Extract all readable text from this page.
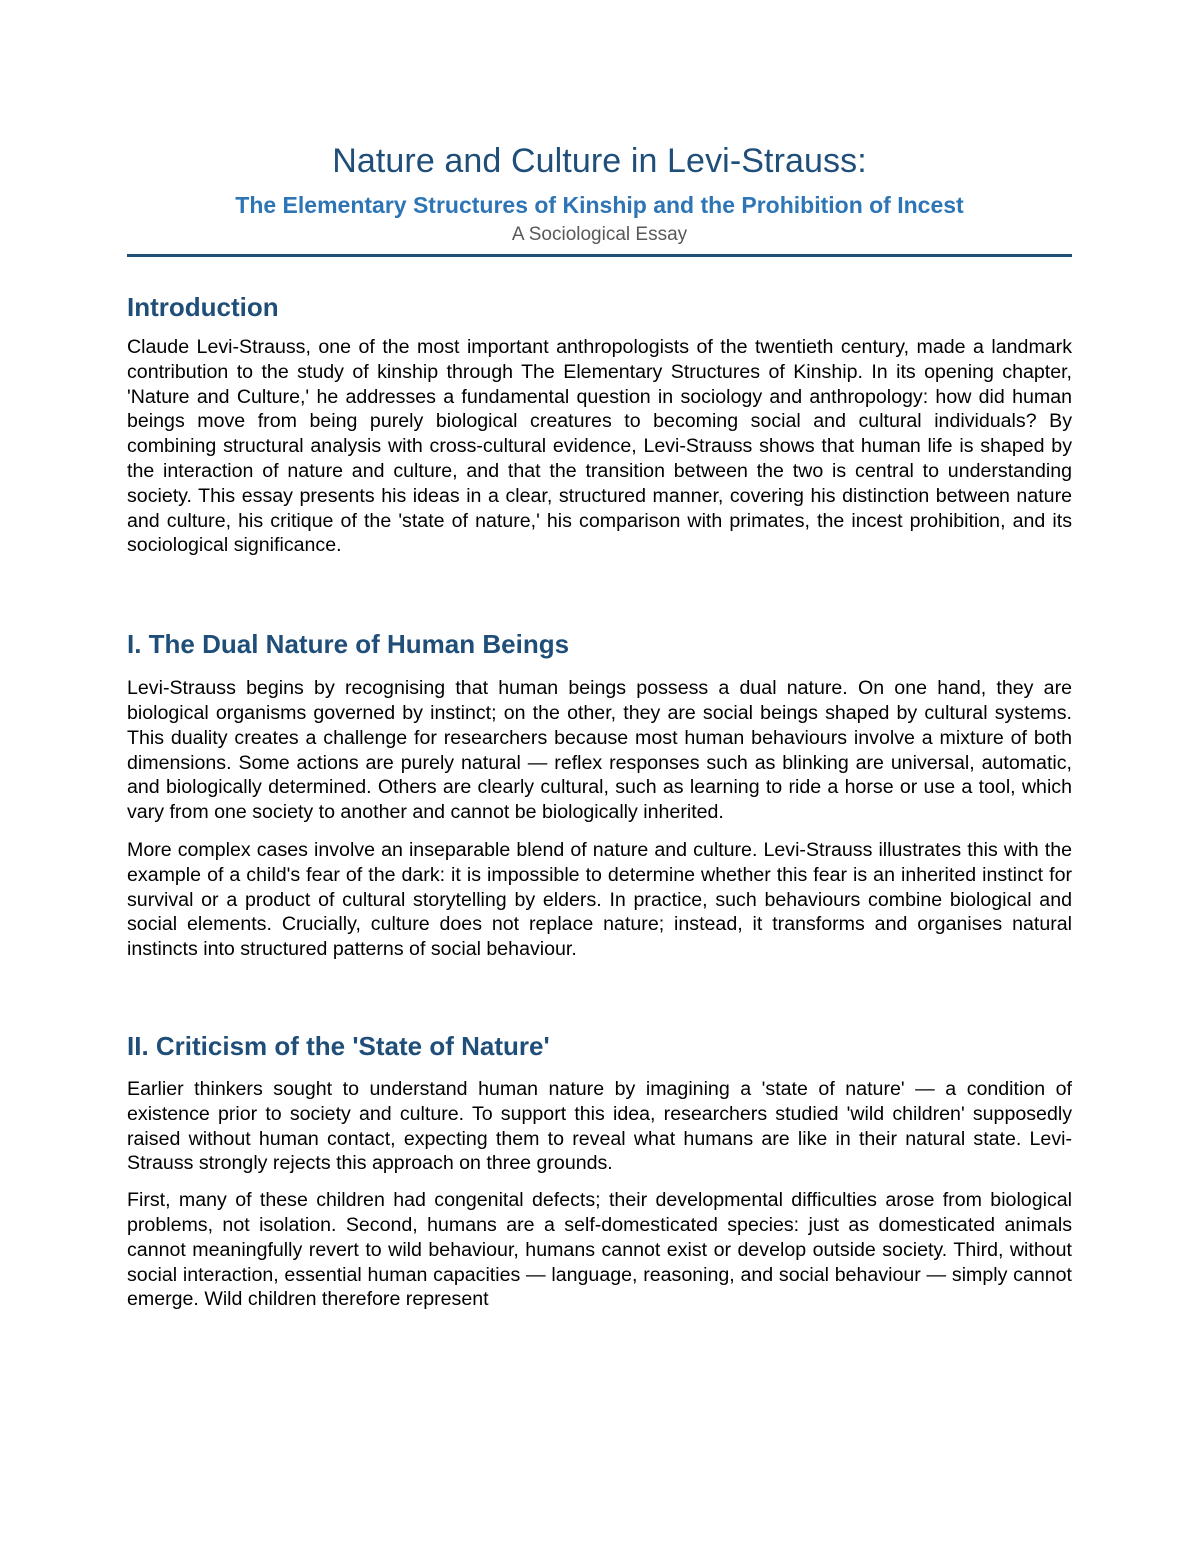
Nature and Culture in Levi-Strauss:
The Elementary Structures of Kinship and the Prohibition of Incest
A Sociological Essay
Introduction

Claude Levi-Strauss, one of the most important anthropologists of the twentieth century, made a landmark contribution to the study of kinship through The Elementary Structures of Kinship. In its opening chapter, 'Nature and Culture,' he addresses a fundamental question in sociology and anthropology: how did human beings move from being purely biological creatures to becoming social and cultural individuals? By combining structural analysis with cross-cultural evidence, Levi-Strauss shows that human life is shaped by the interaction of nature and culture, and that the transition between the two is central to understanding society. This essay presents his ideas in a clear, structured manner, covering his distinction between nature and culture, his critique of the 'state of nature,' his comparison with primates, the incest prohibition, and its sociological significance.

I. The Dual Nature of Human Beings

Levi-Strauss begins by recognising that human beings possess a dual nature. On one hand, they are biological organisms governed by instinct; on the other, they are social beings shaped by cultural systems. This duality creates a challenge for researchers because most human behaviours involve a mixture of both dimensions. Some actions are purely natural — reflex responses such as blinking are universal, automatic, and biologically determined. Others are clearly cultural, such as learning to ride a horse or use a tool, which vary from one society to another and cannot be biologically inherited.

More complex cases involve an inseparable blend of nature and culture. Levi-Strauss illustrates this with the example of a child's fear of the dark: it is impossible to determine whether this fear is an inherited instinct for survival or a product of cultural storytelling by elders. In practice, such behaviours combine biological and social elements. Crucially, culture does not replace nature; instead, it transforms and organises natural instincts into structured patterns of social behaviour.

II. Criticism of the 'State of Nature'

Earlier thinkers sought to understand human nature by imagining a 'state of nature' — a condition of existence prior to society and culture. To support this idea, researchers studied 'wild children' supposedly raised without human contact, expecting them to reveal what humans are like in their natural state. Levi-Strauss strongly rejects this approach on three grounds.

First, many of these children had congenital defects; their developmental difficulties arose from biological problems, not isolation. Second, humans are a self-domesticated species: just as domesticated animals cannot meaningfully revert to wild behaviour, humans cannot exist or develop outside society. Third, without social interaction, essential human capacities — language, reasoning, and social behaviour — simply cannot emerge. Wild children therefore represent
